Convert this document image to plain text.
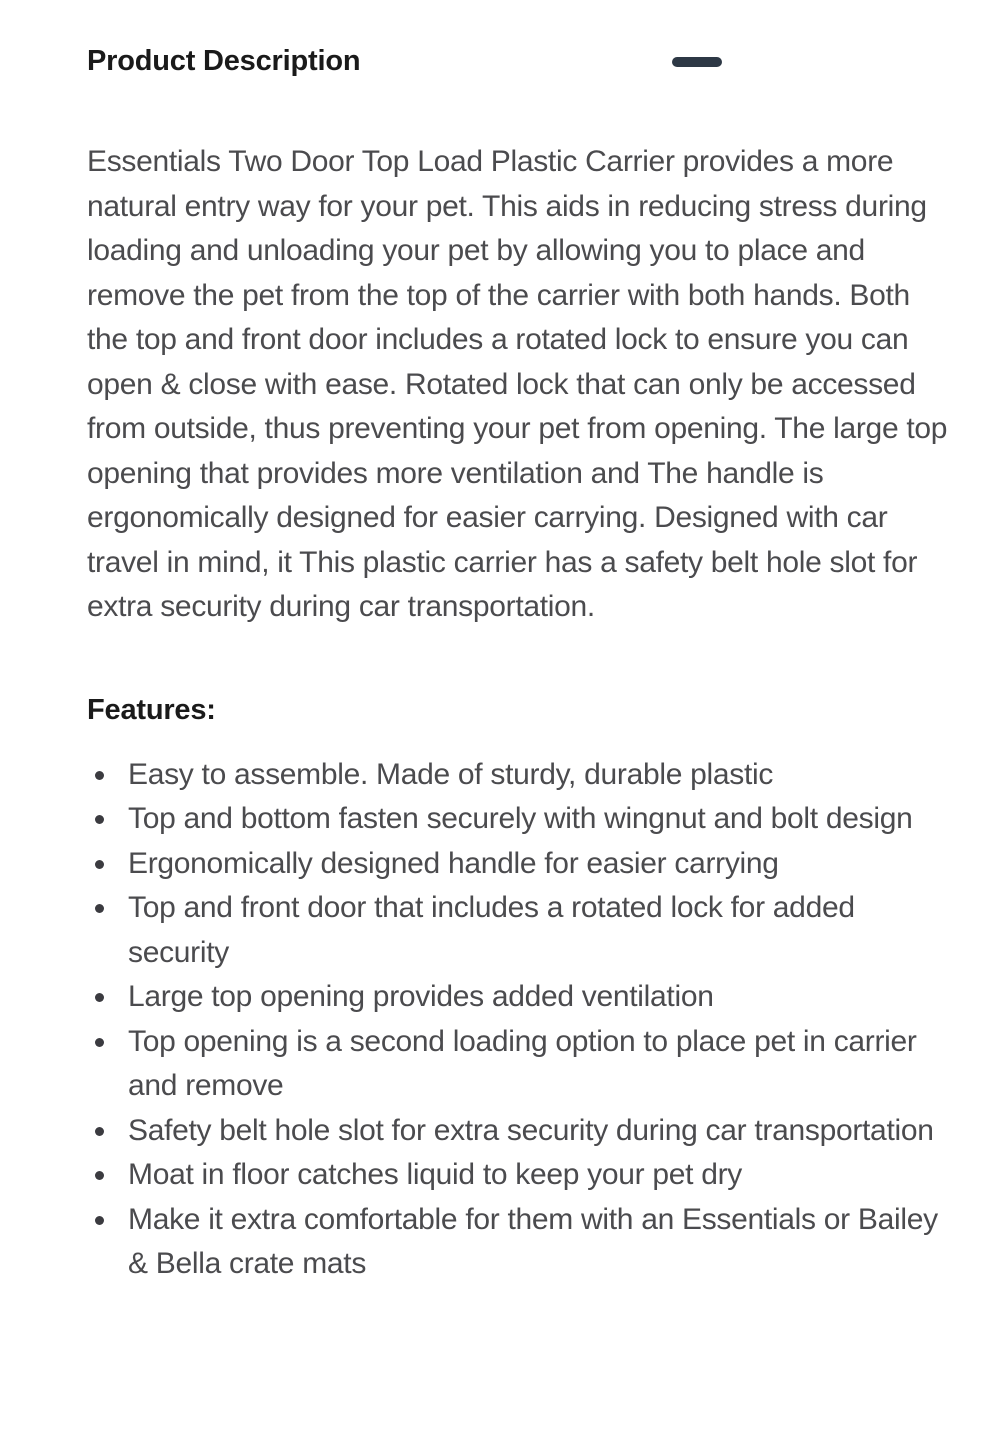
Product Description

Essentials Two Door Top Load Plastic Carrier provides a more natural entry way for your pet. This aids in reducing stress during loading and unloading your pet by allowing you to place and remove the pet from the top of the carrier with both hands. Both the top and front door includes a rotated lock to ensure you can open & close with ease. Rotated lock that can only be accessed from outside, thus preventing your pet from opening. The large top opening that provides more ventilation and The handle is ergonomically designed for easier carrying. Designed with car travel in mind, it This plastic carrier has a safety belt hole slot for extra security during car transportation.

Features:
Easy to assemble. Made of sturdy, durable plastic
Top and bottom fasten securely with wingnut and bolt design
Ergonomically designed handle for easier carrying
Top and front door that includes a rotated lock for added security
Large top opening provides added ventilation
Top opening is a second loading option to place pet in carrier and remove
Safety belt hole slot for extra security during car transportation
Moat in floor catches liquid to keep your pet dry
Make it extra comfortable for them with an Essentials or Bailey & Bella crate mats
